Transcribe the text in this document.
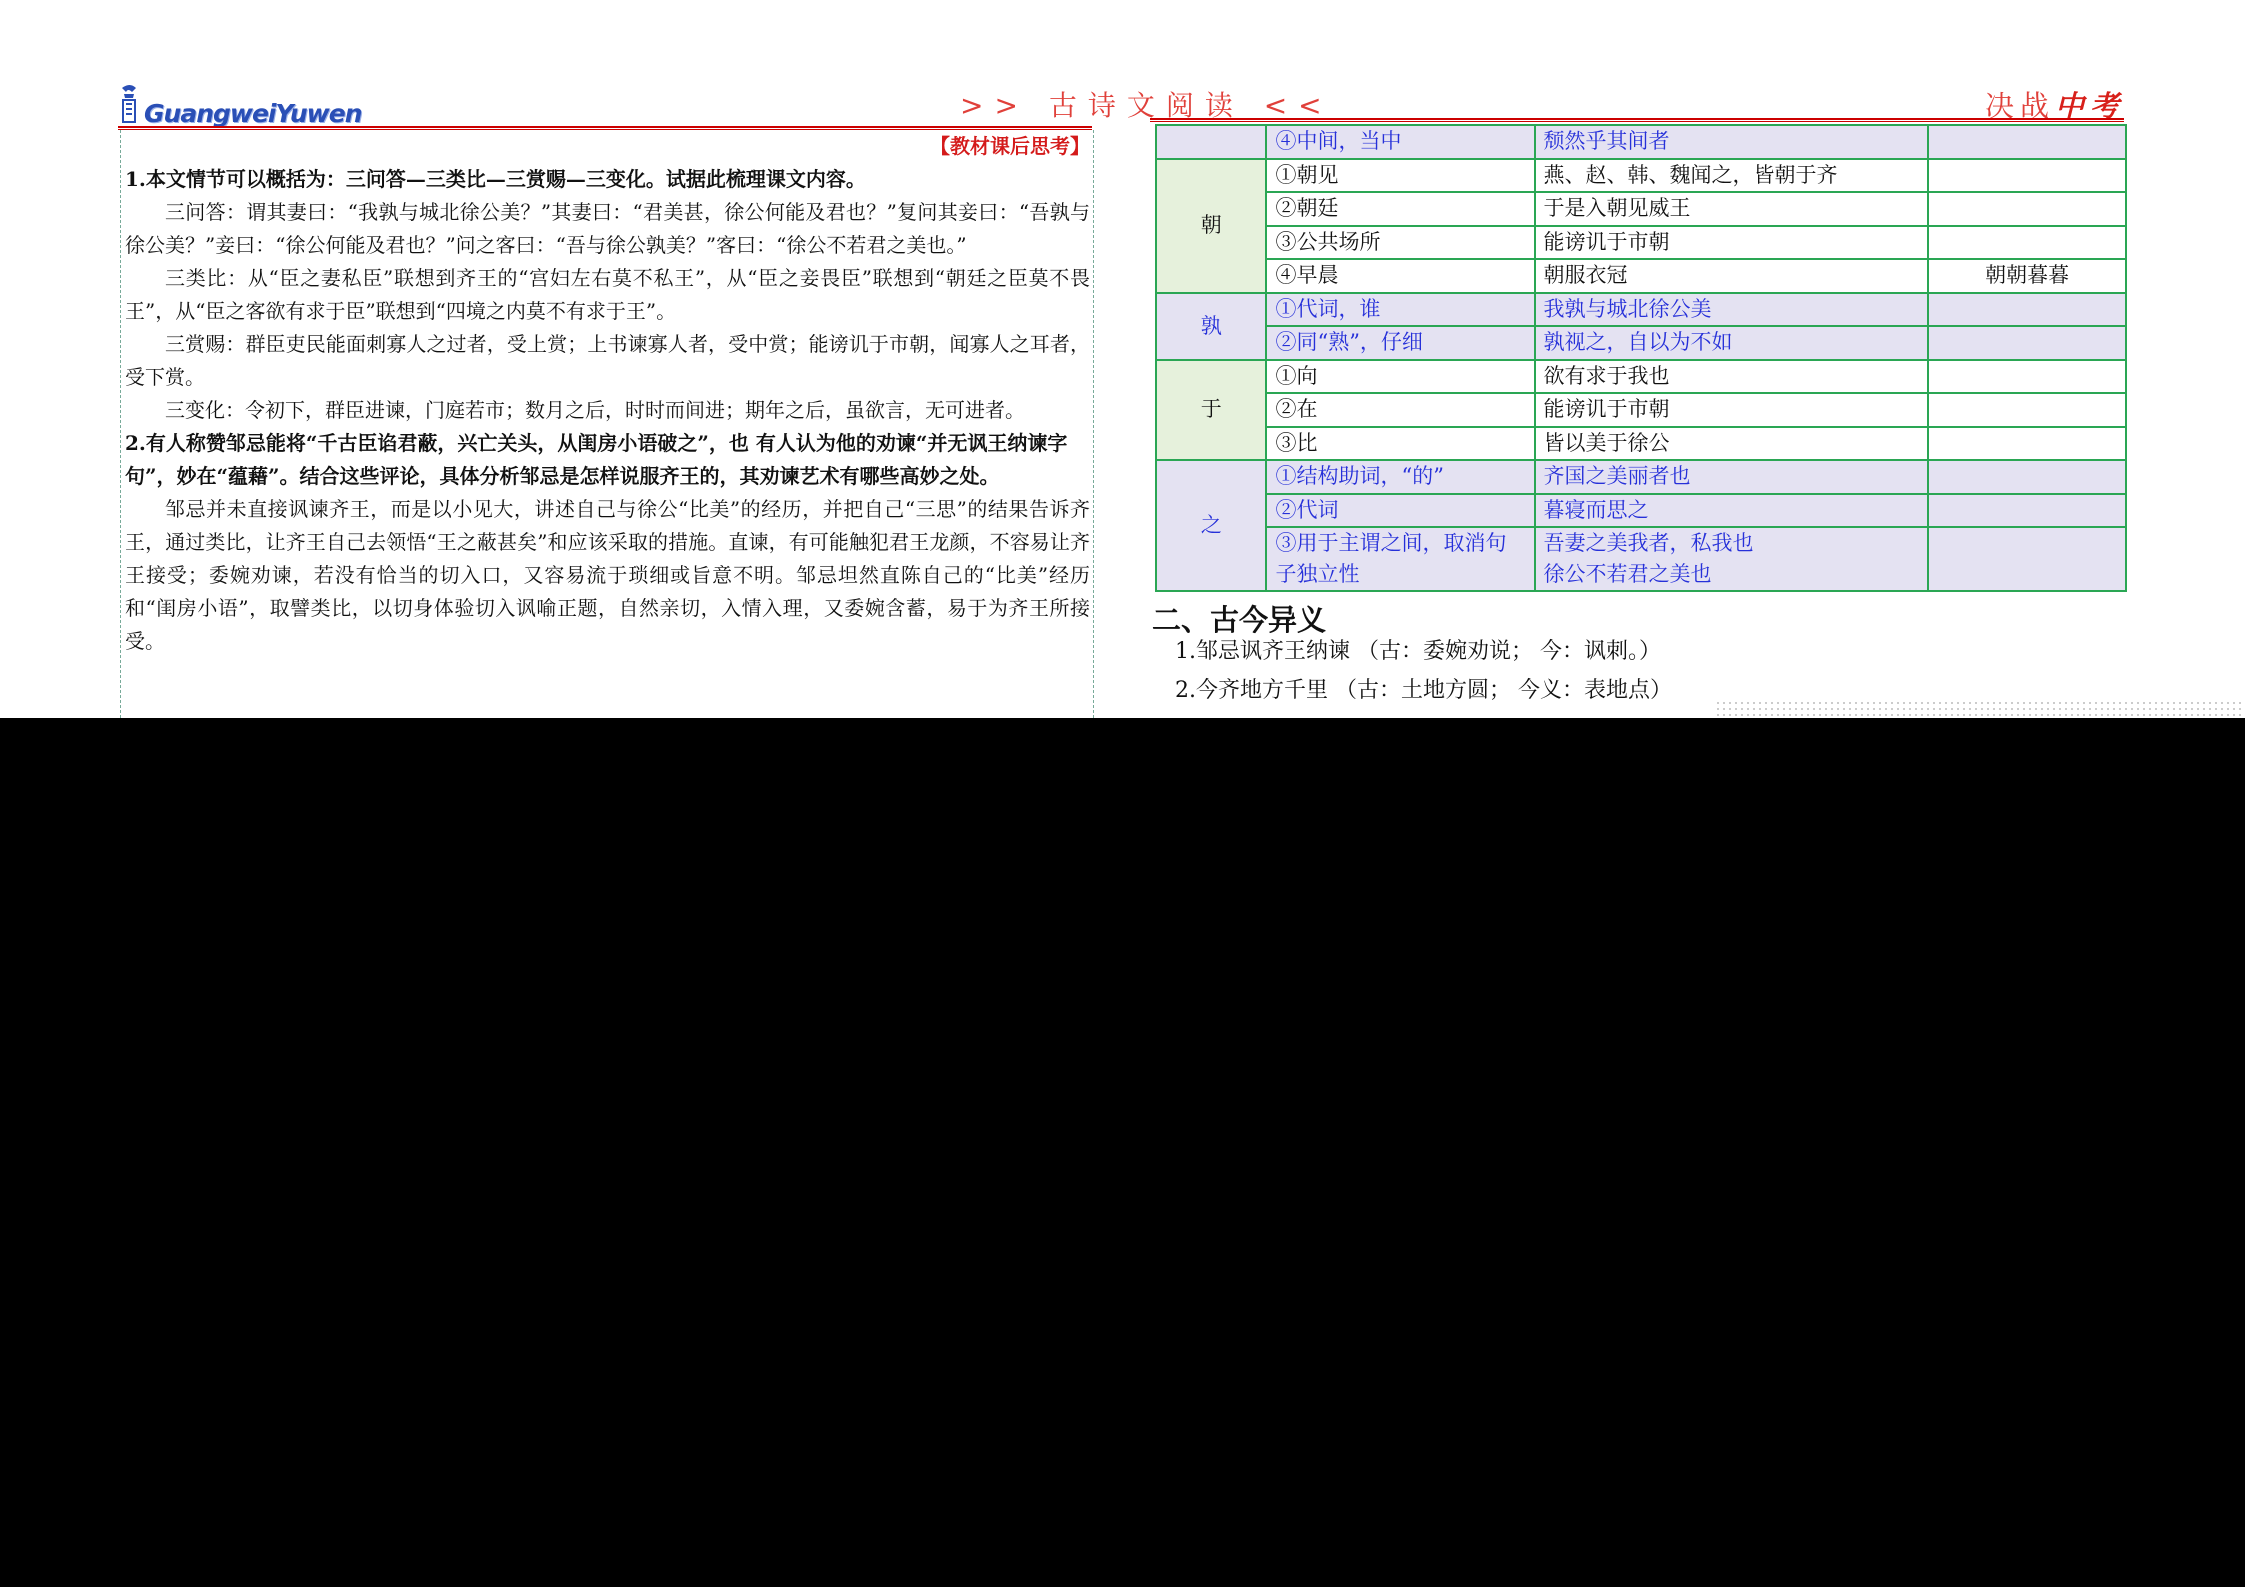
GuangweiYuwen	>> 古诗文阅读 <<	决战中考
【教材课后思考】
1.本文情节可以概括为：三问答—三类比—三赏赐—三变化。试据此梳理课文内容。
三问答：谓其妻曰：“我孰与城北徐公美？”其妻曰：“君美甚，徐公何能及君也？”复问其妾曰：“吾孰与徐公美？”妾曰：“徐公何能及君也？”问之客曰：“吾与徐公孰美？”客曰：“徐公不若君之美也。”
三类比：从“臣之妻私臣”联想到齐王的“宫妇左右莫不私王”，从“臣之妾畏臣”联想到“朝廷之臣莫不畏王”，从“臣之客欲有求于臣”联想到“四境之内莫不有求于王”。
三赏赐：群臣吏民能面刺寡人之过者，受上赏；上书谏寡人者，受中赏；能谤讥于市朝，闻寡人之耳者，受下赏。
三变化：令初下，群臣进谏，门庭若市；数月之后，时时而间进；期年之后，虽欲言，无可进者。
2.有人称赞邹忌能将“千古臣谄君蔽，兴亡关头，从闺房小语破之”，也 有人认为他的劝谏“并无讽王纳谏字句”，妙在“蕴藉”。结合这些评论，具体分析邹忌是怎样说服齐王的，其劝谏艺术有哪些高妙之处。
邹忌并未直接讽谏齐王，而是以小见大，讲述自己与徐公“比美”的经历，并把自己“三思”的结果告诉齐王，通过类比，让齐王自己去领悟“王之蔽甚矣”和应该采取的措施。直谏，有可能触犯君王龙颜，不容易让齐王接受；委婉劝谏，若没有恰当的切入口，又容易流于琐细或旨意不明。邹忌坦然直陈自己的“比美”经历和“闺房小语”，取譬类比，以切身体验切入讽喻正题，自然亲切，入情入理，又委婉含蓄，易于为齐王所接受。
	④中间，当中	颓然乎其间者	
朝	①朝见	燕、赵、韩、魏闻之，皆朝于齐	
	②朝廷	于是入朝见威王	
	③公共场所	能谤讥于市朝	
	④早晨	朝服衣冠	朝朝暮暮
孰	①代词，谁	我孰与城北徐公美	
	②同“熟”，仔细	孰视之，自以为不如	
于	①向	欲有求于我也	
	②在	能谤讥于市朝	
	③比	皆以美于徐公	
之	①结构助词，“的”	齐国之美丽者也	
	②代词	暮寝而思之	
	③用于主谓之间，取消句子独立性	吾妻之美我者，私我也
徐公不若君之美也	

二、古今异义
1.邹忌讽齐王纳谏 （古：委婉劝说； 今：讽刺。）
2.今齐地方千里 （古：土地方圆； 今义：表地点）
